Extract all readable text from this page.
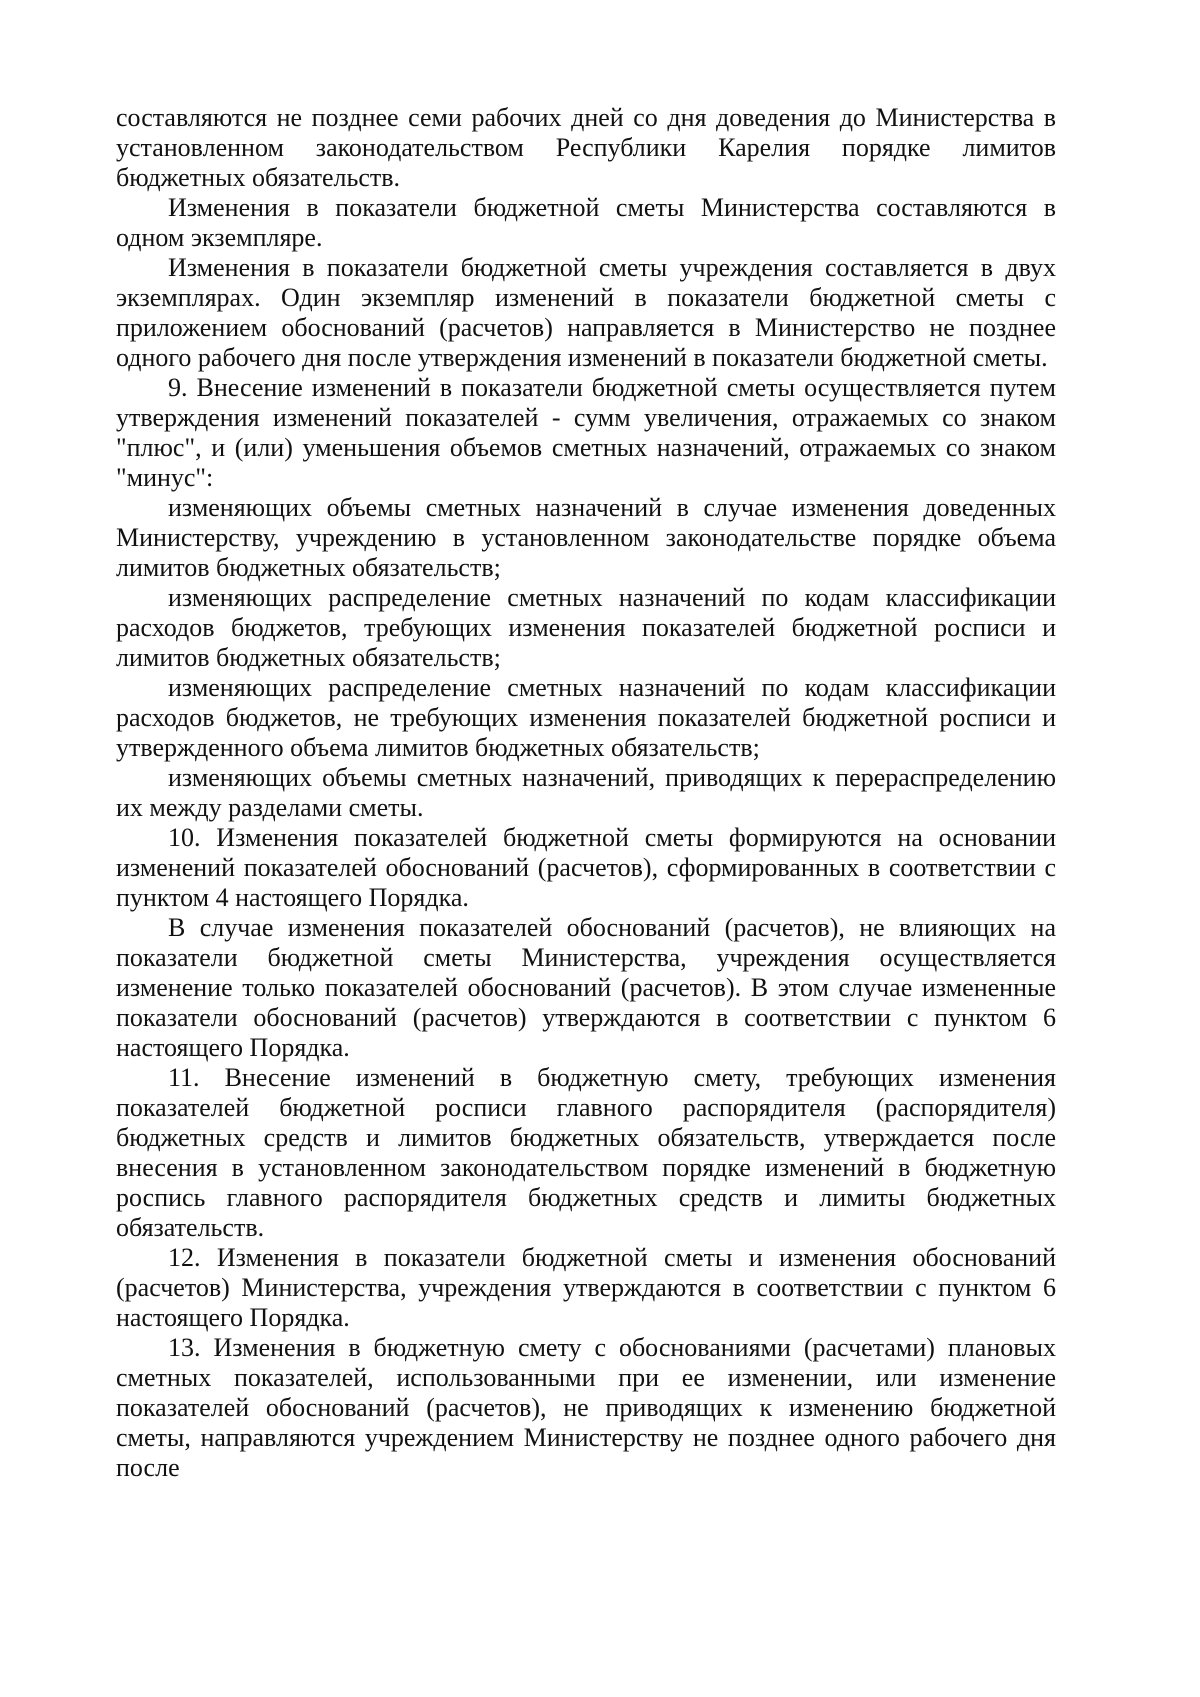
составляются не позднее семи рабочих дней со дня доведения до Министерства в установленном законодательством Республики Карелия порядке лимитов бюджетных обязательств.

Изменения в показатели бюджетной сметы Министерства составляются в одном экземпляре.

Изменения в показатели бюджетной сметы учреждения составляется в двух экземплярах. Один экземпляр изменений в показатели бюджетной сметы с приложением обоснований (расчетов) направляется в Министерство не позднее одного рабочего дня после утверждения изменений в показатели бюджетной сметы.

9. Внесение изменений в показатели бюджетной сметы осуществляется путем утверждения изменений показателей - сумм увеличения, отражаемых со знаком "плюс", и (или) уменьшения объемов сметных назначений, отражаемых со знаком "минус":

изменяющих объемы сметных назначений в случае изменения доведенных Министерству, учреждению в установленном законодательстве порядке объема лимитов бюджетных обязательств;

изменяющих распределение сметных назначений по кодам классификации расходов бюджетов, требующих изменения показателей бюджетной росписи и лимитов бюджетных обязательств;

изменяющих распределение сметных назначений по кодам классификации расходов бюджетов, не требующих изменения показателей бюджетной росписи и утвержденного объема лимитов бюджетных обязательств;

изменяющих объемы сметных назначений, приводящих к перераспределению их между разделами сметы.

10. Изменения показателей бюджетной сметы формируются на основании изменений показателей обоснований (расчетов), сформированных в соответствии с пунктом 4 настоящего Порядка.

В случае изменения показателей обоснований (расчетов), не влияющих на показатели бюджетной сметы Министерства, учреждения осуществляется изменение только показателей обоснований (расчетов). В этом случае измененные показатели обоснований (расчетов) утверждаются в соответствии с пунктом 6 настоящего Порядка.

11. Внесение изменений в бюджетную смету, требующих изменения показателей бюджетной росписи главного распорядителя (распорядителя) бюджетных средств и лимитов бюджетных обязательств, утверждается после внесения в установленном законодательством порядке изменений в бюджетную роспись главного распорядителя бюджетных средств и лимиты бюджетных обязательств.

12. Изменения в показатели бюджетной сметы и изменения обоснований (расчетов) Министерства, учреждения утверждаются в соответствии с пунктом 6 настоящего Порядка.

13. Изменения в бюджетную смету с обоснованиями (расчетами) плановых сметных показателей, использованными при ее изменении, или изменение показателей обоснований (расчетов), не приводящих к изменению бюджетной сметы, направляются учреждением Министерству не позднее одного рабочего дня после
